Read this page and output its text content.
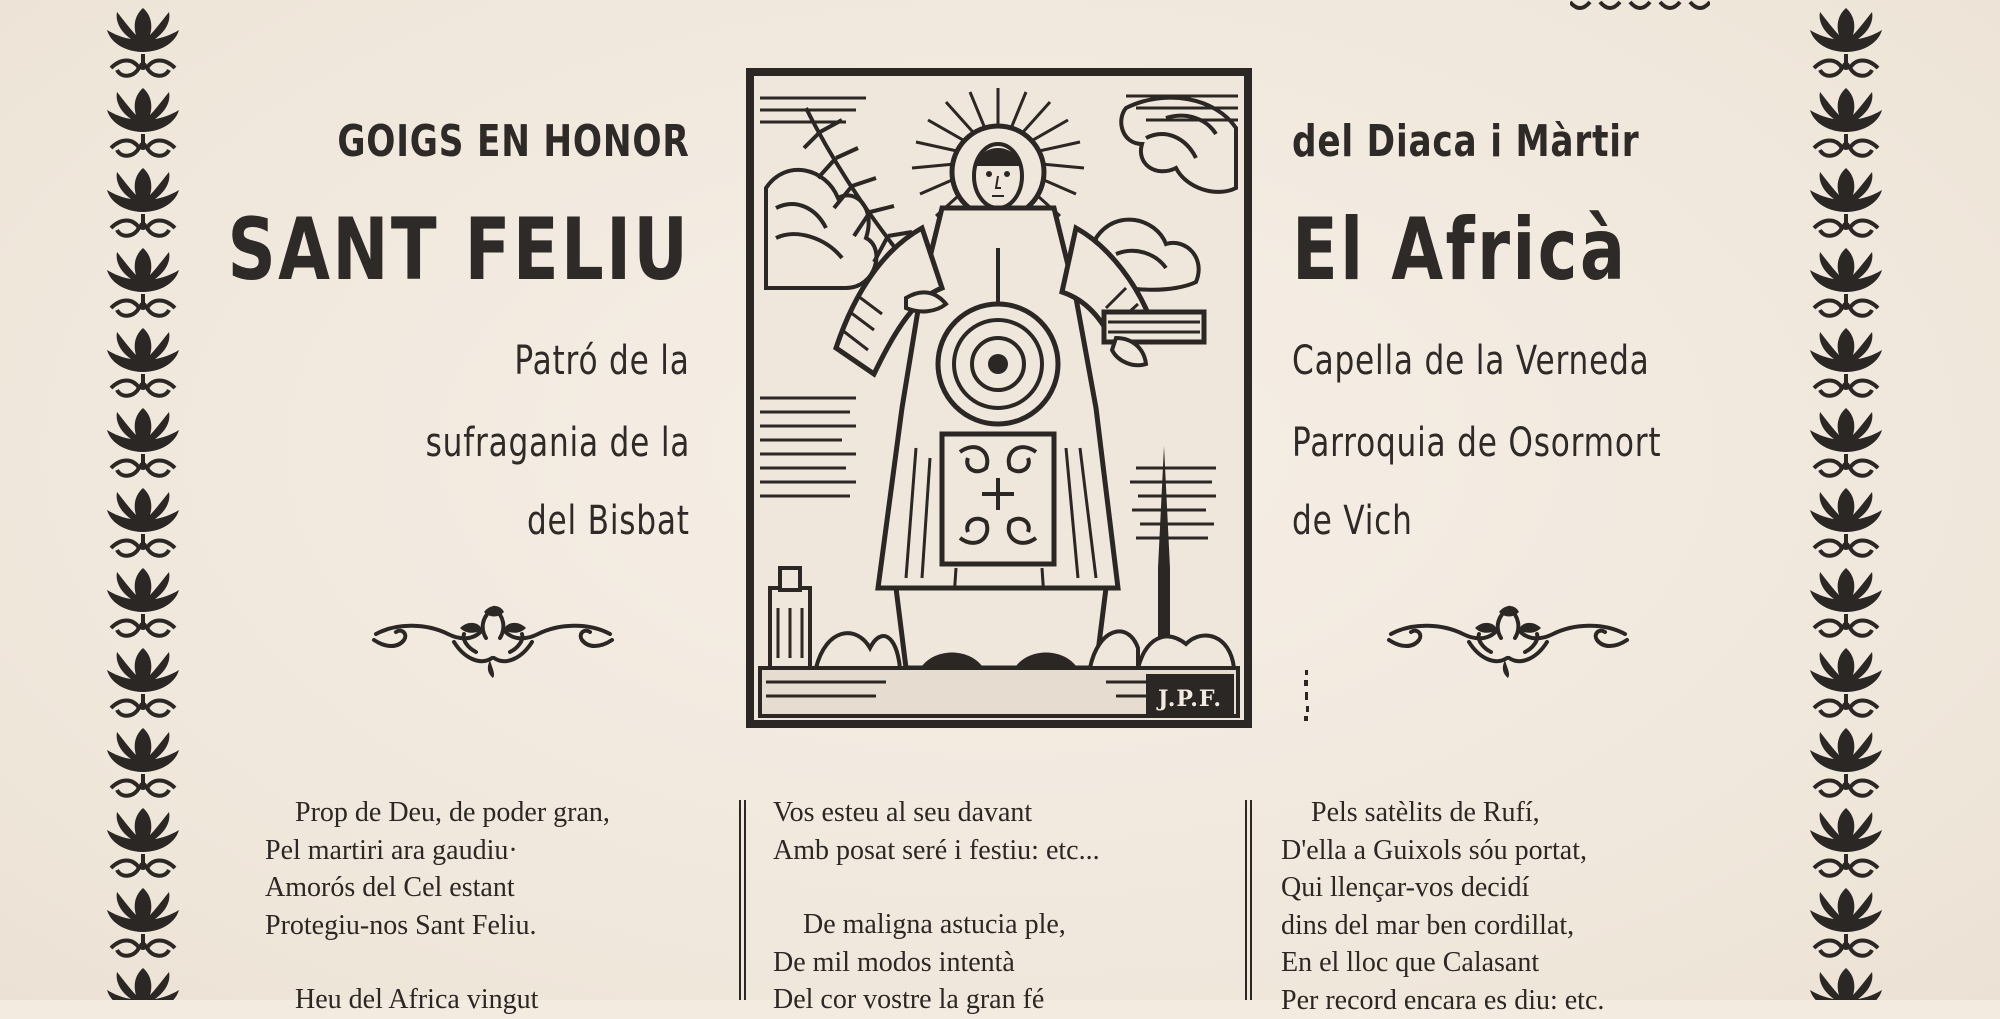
GOIGS EN HONOR

SANT FELIU

Patró de la

sufragania de la

del Bisbat

del Diaca i Màrtir

El Africà

Capella de la Verneda

Parroquia de Osormort

de Vich

J.P.F.

Prop de Deu, de poder gran,

Pel martiri ara gaudiu·

Amorós del Cel estant

Protegiu-nos Sant Feliu.

Heu del Africa vingut

Vos esteu al seu davant

Amb posat seré i festiu: etc...

De maligna astucia ple,

De mil modos intentà

Del cor vostre la gran fé

Pels satèlits de Rufí,

D'ella a Guixols sóu portat,

Qui llençar-vos decidí

dins del mar ben cordillat,

En el lloc que Calasant

Per record encara es diu: etc.
